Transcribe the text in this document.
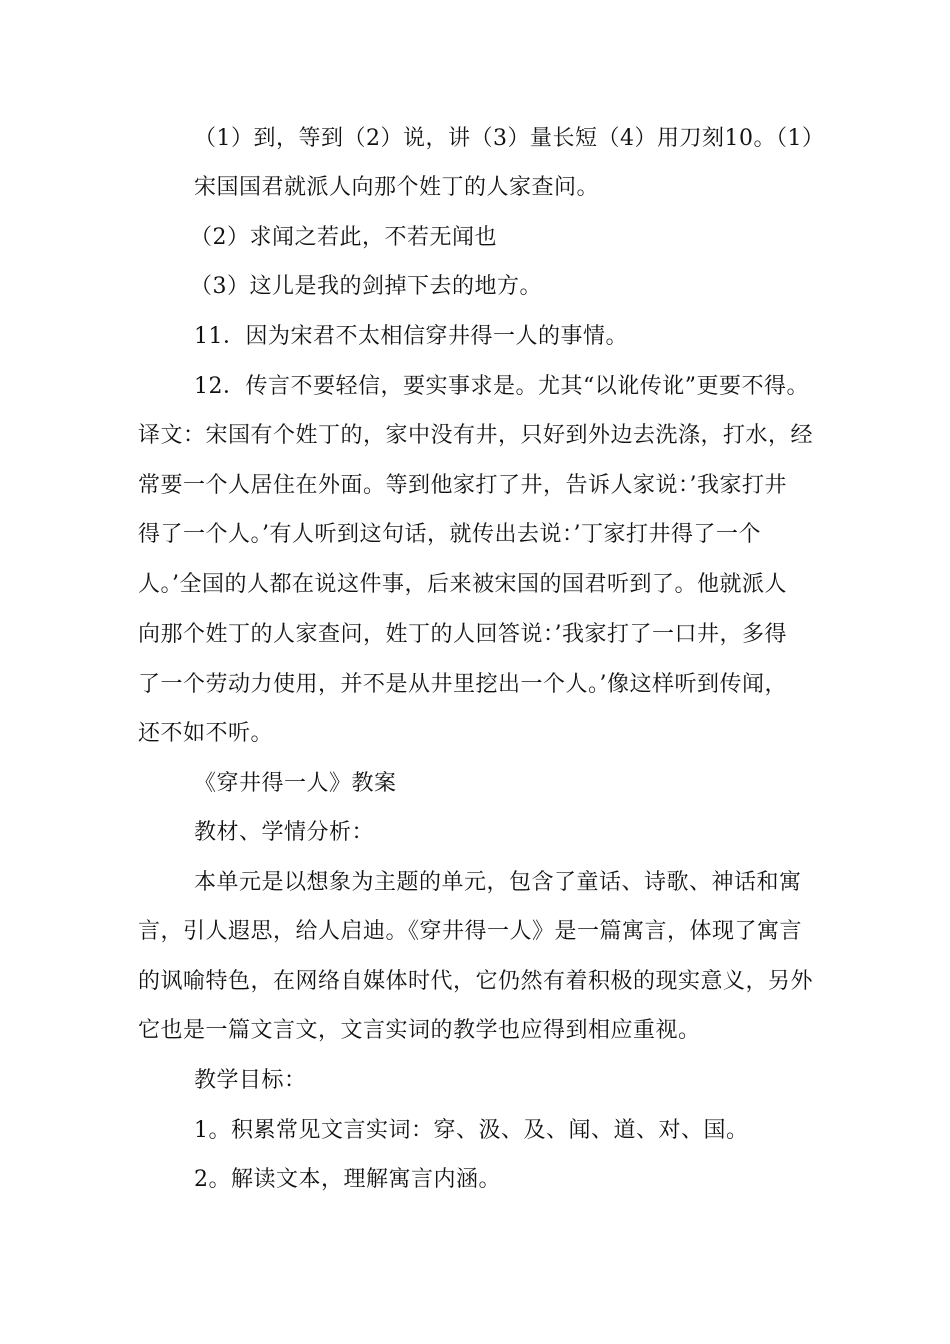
（1）到，等到（2）说，讲（3）量长短（4）用刀刻10。（1）
宋国国君就派人向那个姓丁的人家查问。
（2）求闻之若此，不若无闻也
（3）这儿是我的剑掉下去的地方。
11．因为宋君不太相信穿井得一人的事情。
12．传言不要轻信，要实事求是。尤其“以讹传讹”更要不得。
译文：宋国有个姓丁的，家中没有井，只好到外边去洗涤，打水，经
常要一个人居住在外面。等到他家打了井，告诉人家说：’我家打井
得了一个人。’有人听到这句话，就传出去说：’丁家打井得了一个
人。’全国的人都在说这件事，后来被宋国的国君听到了。他就派人
向那个姓丁的人家查问，姓丁的人回答说：’我家打了一口井，多得
了一个劳动力使用，并不是从井里挖出一个人。’像这样听到传闻，
还不如不听。
《穿井得一人》教案
教材、学情分析：
本单元是以想象为主题的单元，包含了童话、诗歌、神话和寓
言，引人遐思，给人启迪。《穿井得一人》是一篇寓言，体现了寓言
的讽喻特色，在网络自媒体时代，它仍然有着积极的现实意义，另外
它也是一篇文言文，文言实词的教学也应得到相应重视。
教学目标：
1。积累常见文言实词：穿、汲、及、闻、道、对、国。
2。解读文本，理解寓言内涵。
